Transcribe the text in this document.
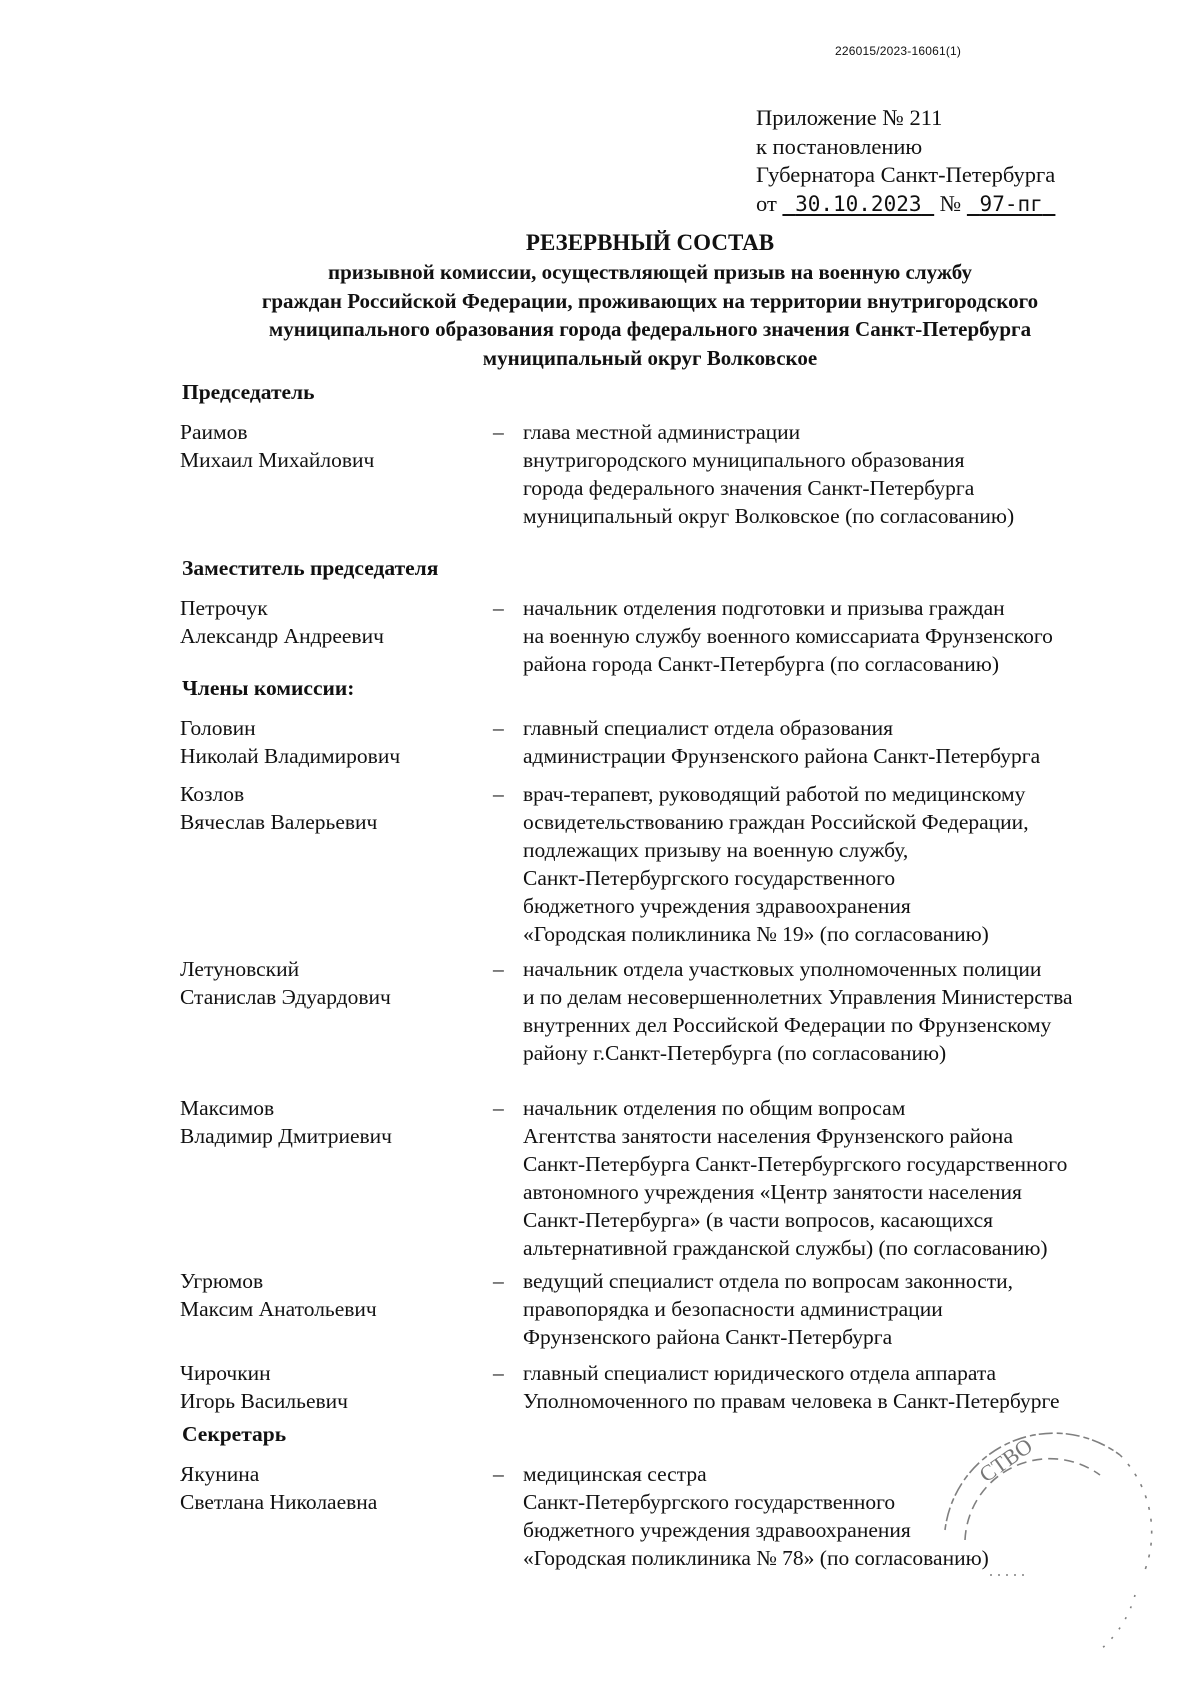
226015/2023-16061(1)
Приложение № 211
к постановлению
Губернатора Санкт-Петербурга
от 30.10.2023 № 97-пг
РЕЗЕРВНЫЙ СОСТАВ
призывной комиссии, осуществляющей призыв на военную службу
граждан Российской Федерации, проживающих на территории внутригородского
муниципального образования города федерального значения Санкт-Петербурга
муниципальный округ Волковское
Председатель
Заместитель председателя
Члены комиссии:
Секретарь
Раимов
Михаил Михайлович
– глава местной администрации
внутригородского муниципального образования
города федерального значения Санкт-Петербурга
муниципальный округ Волковское (по согласованию)
Петрочук
Александр Андреевич
– начальник отделения подготовки и призыва граждан
на военную службу военного комиссариата Фрунзенского
района города Санкт-Петербурга (по согласованию)
Головин
Николай Владимирович
– главный специалист отдела образования
администрации Фрунзенского района Санкт-Петербурга
Козлов
Вячеслав Валерьевич
– врач-терапевт, руководящий работой по медицинскому
освидетельствованию граждан Российской Федерации,
подлежащих призыву на военную службу,
Санкт-Петербургского государственного
бюджетного учреждения здравоохранения
«Городская поликлиника № 19» (по согласованию)
Летуновский
Станислав Эдуардович
– начальник отдела участковых уполномоченных полиции
и по делам несовершеннолетних Управления Министерства
внутренних дел Российской Федерации по Фрунзенскому
району г.Санкт-Петербурга (по согласованию)
Максимов
Владимир Дмитриевич
– начальник отделения по общим вопросам
Агентства занятости населения Фрунзенского района
Санкт-Петербурга Санкт-Петербургского государственного
автономного учреждения «Центр занятости населения
Санкт-Петербурга» (в части вопросов, касающихся
альтернативной гражданской службы) (по согласованию)
Угрюмов
Максим Анатольевич
– ведущий специалист отдела по вопросам законности,
правопорядка и безопасности администрации
Фрунзенского района Санкт-Петербурга
Чирочкин
Игорь Васильевич
– главный специалист юридического отдела аппарата
Уполномоченного по правам человека в Санкт-Петербурге
Якунина
Светлана Николаевна
– медицинская сестра
Санкт-Петербургского государственного
бюджетного учреждения здравоохранения
«Городская поликлиника № 78» (по согласованию)
СТВО
